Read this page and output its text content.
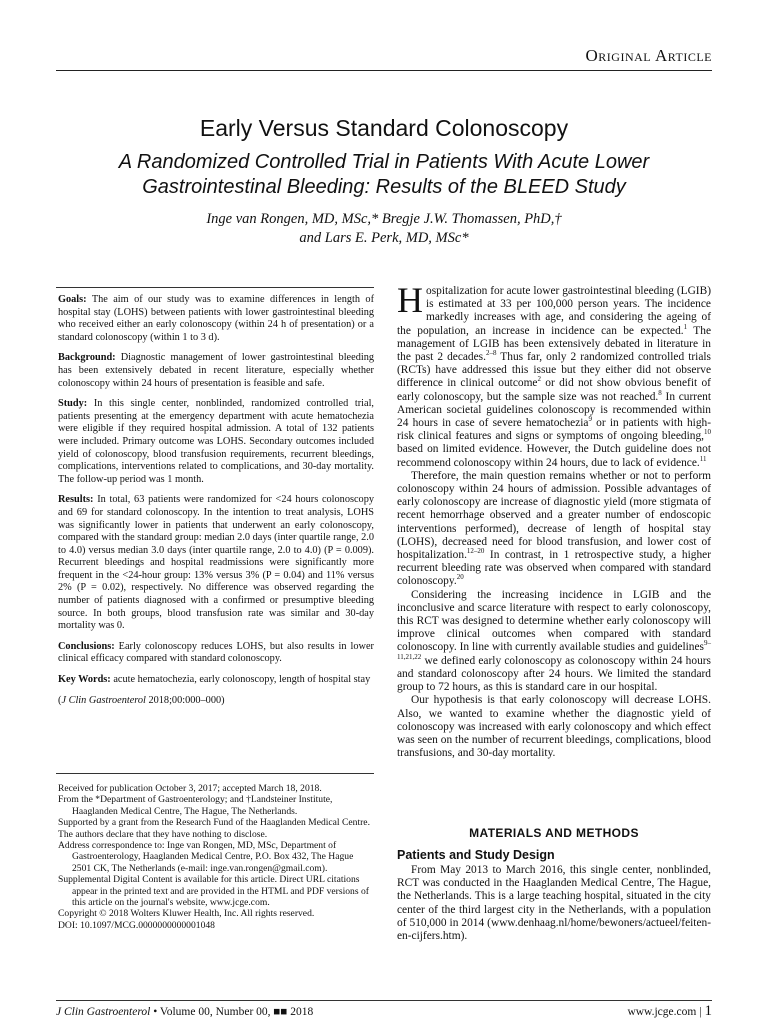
Original Article
Early Versus Standard Colonoscopy
A Randomized Controlled Trial in Patients With Acute Lower Gastrointestinal Bleeding: Results of the BLEED Study
Inge van Rongen, MD, MSc,* Bregje J.W. Thomassen, PhD,†
and Lars E. Perk, MD, MSc*

Goals: The aim of our study was to examine differences in length of hospital stay (LOHS) between patients with lower gastrointestinal bleeding who received either an early colonoscopy (within 24 h of presentation) or a standard colonoscopy (within 1 to 3 d).

Background: Diagnostic management of lower gastrointestinal bleeding has been extensively debated in recent literature, especially whether colonoscopy within 24 hours of presentation is feasible and safe.

Study: In this single center, nonblinded, randomized controlled trial, patients presenting at the emergency department with acute hematochezia were eligible if they required hospital admission. A total of 132 patients were included. Primary outcome was LOHS. Secondary outcomes included yield of colonoscopy, blood transfusion requirements, recurrent bleedings, complications, interventions related to complications, and 30-day mortality. The follow-up period was 1 month.

Results: In total, 63 patients were randomized for <24 hours colonoscopy and 69 for standard colonoscopy. In the intention to treat analysis, LOHS was significantly lower in patients that underwent an early colonoscopy, compared with the standard group: median 2.0 days (inter quartile range, 2.0 to 4.0) versus median 3.0 days (inter quartile range, 2.0 to 4.0) (P = 0.009). Recurrent bleedings and hospital readmissions were significantly more frequent in the <24-hour group: 13% versus 3% (P = 0.04) and 11% versus 2% (P = 0.02), respectively. No difference was observed regarding the number of patients diagnosed with a confirmed or presumptive bleeding source. In both groups, blood transfusion rate was similar and 30-day mortality was 0.

Conclusions: Early colonoscopy reduces LOHS, but also results in lower clinical efficacy compared with standard colonoscopy.

Key Words: acute hematochezia, early colonoscopy, length of hospital stay

(J Clin Gastroenterol 2018;00:000–000)

Received for publication October 3, 2017; accepted March 18, 2018.

From the *Department of Gastroenterology; and †Landsteiner Institute, Haaglanden Medical Centre, The Hague, The Netherlands.

Supported by a grant from the Research Fund of the Haaglanden Medical Centre.

The authors declare that they have nothing to disclose.

Address correspondence to: Inge van Rongen, MD, MSc, Department of Gastroenterology, Haaglanden Medical Centre, P.O. Box 432, The Hague 2501 CK, The Netherlands (e-mail: inge.van.rongen@gmail.com).

Supplemental Digital Content is available for this article. Direct URL citations appear in the printed text and are provided in the HTML and PDF versions of this article on the journal's website, www.jcge.com.

Copyright © 2018 Wolters Kluwer Health, Inc. All rights reserved.

DOI: 10.1097/MCG.0000000000001048

Hospitalization for acute lower gastrointestinal bleeding (LGIB) is estimated at 33 per 100,000 person years. The incidence markedly increases with age, and considering the ageing of the population, an increase in incidence can be expected.$^1$ The management of LGIB has been extensively debated in literature in the past 2 decades.$^{2-8}$ Thus far, only 2 randomized controlled trials (RCTs) have addressed this issue but they either did not observe difference in clinical outcome$^2$ or did not show obvious benefit of early colonoscopy, but the sample size was not reached.$^8$ In current American societal guidelines colonoscopy is recommended within 24 hours in case of severe hematochezia$^9$ or in patients with high-risk clinical features and signs or symptoms of ongoing bleeding,$^{10}$ based on limited evidence. However, the Dutch guideline does not recommend colonoscopy within 24 hours, due to lack of evidence.$^{11}$

Therefore, the main question remains whether or not to perform colonoscopy within 24 hours of admission. Possible advantages of early colonoscopy are increase of diagnostic yield (more stigmata of recent hemorrhage observed and a greater number of endoscopic interventions performed), decrease of length of hospital stay (LOHS), decreased need for blood transfusion, and lower cost of hospitalization.$^{12-20}$ In contrast, in 1 retrospective study, a higher recurrent bleeding rate was observed when compared with standard colonoscopy.$^{20}$

Considering the increasing incidence in LGIB and the inconclusive and scarce literature with respect to early colonoscopy, this RCT was designed to determine whether early colonoscopy will improve clinical outcomes when compared with standard colonoscopy. In line with currently available studies and guidelines$^{9-11,21,22}$ we defined early colonoscopy as colonoscopy within 24 hours and standard colonoscopy after 24 hours. We limited the standard group to 72 hours, as this is standard care in our hospital.

Our hypothesis is that early colonoscopy will decrease LOHS. Also, we wanted to examine whether the diagnostic yield of colonoscopy was increased with early colonoscopy and which effect was seen on the number of recurrent bleedings, complications, blood transfusions, and 30-day mortality.

MATERIALS AND METHODS
Patients and Study Design

From May 2013 to March 2016, this single center, nonblinded, RCT was conducted in the Haaglanden Medical Centre, The Hague, the Netherlands. This is a large teaching hospital, situated in the city center of the third largest city in the Netherlands, with a population of 510,000 in 2014 (www.denhaag.nl/home/bewoners/actueel/feiten-en-cijfers.htm).

J Clin Gastroenterol • Volume 00, Number 00, ■■ 2018	www.jcge.com | 1
